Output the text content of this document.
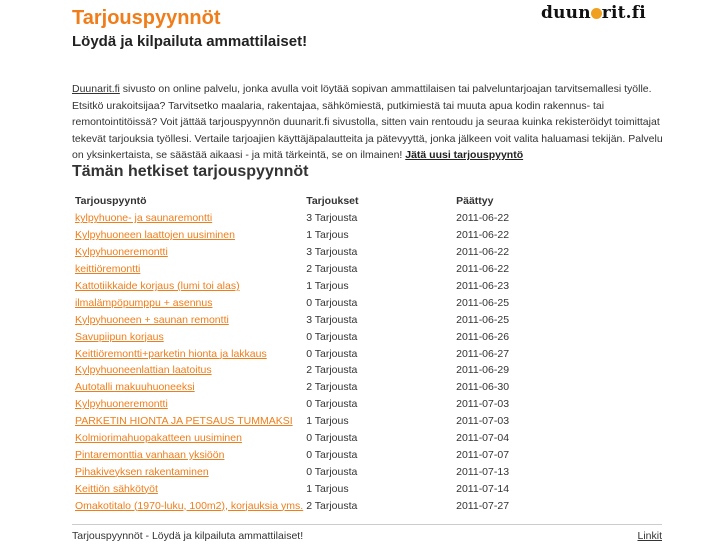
Tarjouspyynnöt
Löydä ja kilpailuta ammattilaiset!
duun rit.fi

Duunarit.fi sivusto on online palvelu, jonka avulla voit löytää sopivan ammattilaisen tai palveluntarjoajan tarvitsemallesi työlle. Etsitkö urakoitsijaa? Tarvitsetko maalaria, rakentajaa, sähkömiestä, putkimiestä tai muuta apua kodin rakennus- tai remontointitöissä? Voit jättää tarjouspyynnön duunarit.fi sivustolla, sitten vain rentoudu ja seuraa kuinka rekisteröidyt toimittajat tekevät tarjouksia työllesi. Vertaile tarjoajien käyttäjäpalautteita ja pätevyyttä, jonka jälkeen voit valita haluamasi tekijän. Palvelu on yksinkertaista, se säästää aikaasi - ja mitä tärkeintä, se on ilmainen! Jätä uusi tarjouspyyntö

Tämän hetkiset tarjouspyynnöt
Tarjouspyyntö	Tarjoukset	Päättyy
kylpyhuone- ja saunaremontti	3 Tarjousta	2011-06-22
Kylpyhuoneen laattojen uusiminen	1 Tarjous	2011-06-22
Kylpyhuoneremontti	3 Tarjousta	2011-06-22
keittiöremontti	2 Tarjousta	2011-06-22
Kattotiikkaide korjaus (lumi toi alas)	1 Tarjous	2011-06-23
ilmalämpöpumppu + asennus	0 Tarjousta	2011-06-25
Kylpyhuoneen + saunan remontti	3 Tarjousta	2011-06-25
Savupiipun korjaus	0 Tarjousta	2011-06-26
Keittiöremontti+parketin hionta ja lakkaus	0 Tarjousta	2011-06-27
Kylpyhuoneenlattian laatoitus	2 Tarjousta	2011-06-29
Autotalli makuuhuoneeksi	2 Tarjousta	2011-06-30
Kylpyhuoneremontti	0 Tarjousta	2011-07-03
PARKETIN HIONTA JA PETSAUS TUMMAKSI	1 Tarjous	2011-07-03
Kolmiorimahuopakatteen uusiminen	0 Tarjousta	2011-07-04
Pintaremonttia vanhaan yksiöön	0 Tarjousta	2011-07-07
Pihakiveyksen rakentaminen	0 Tarjousta	2011-07-13
Keittiön sähkötyöt	1 Tarjous	2011-07-14
Omakotitalo (1970-luku, 100m2), korjauksia yms.	2 Tarjousta	2011-07-27
Tarjouspyynnöt - Löydä ja kilpailuta ammattilaiset!	Linkit
